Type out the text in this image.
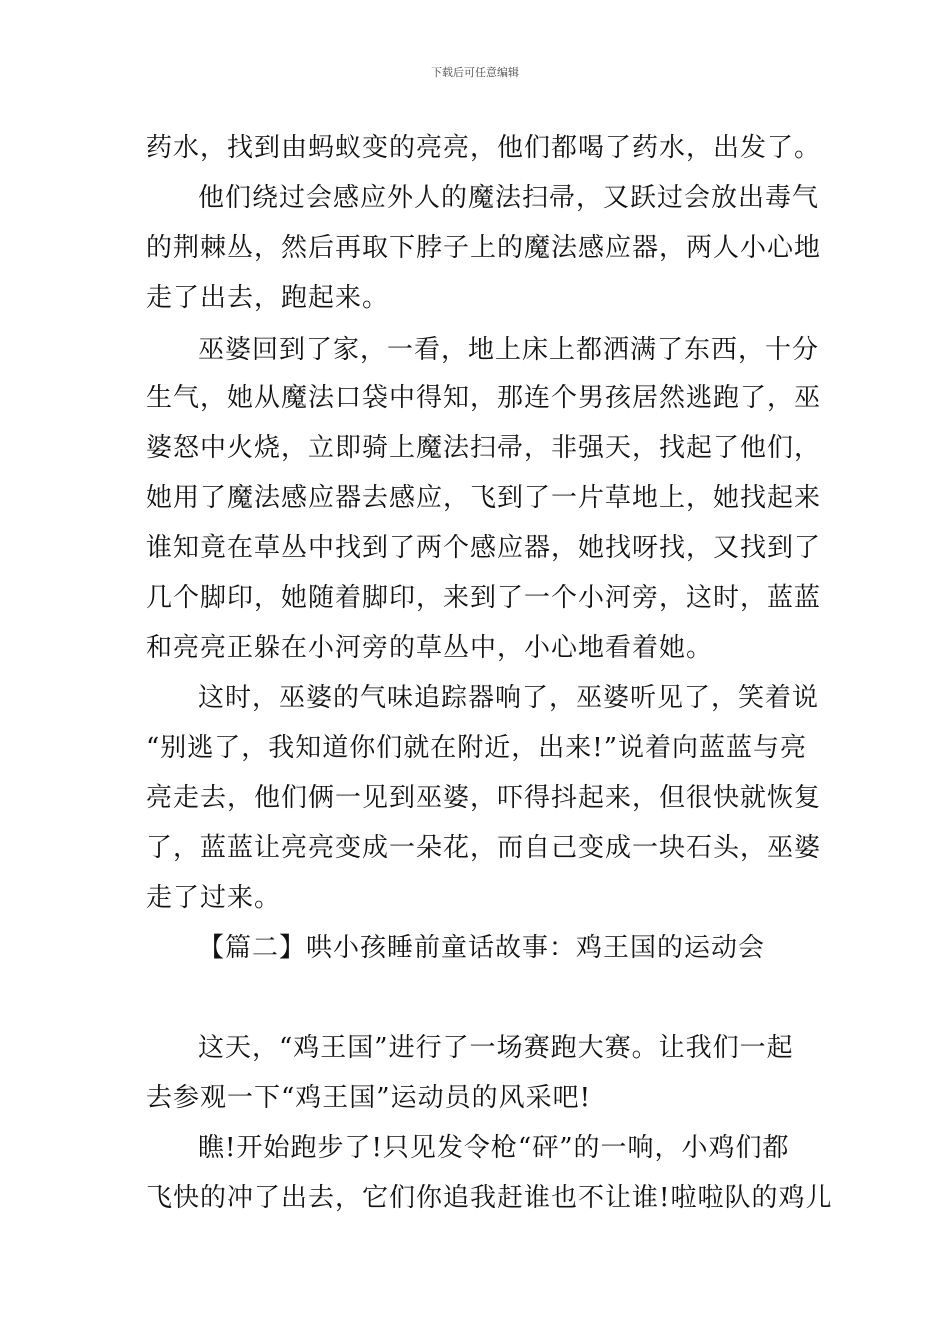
下载后可任意编辑
药水，找到由蚂蚁变的亮亮，他们都喝了药水，出发了。
他们绕过会感应外人的魔法扫帚，又跃过会放出毒气
的荆棘丛，然后再取下脖子上的魔法感应器，两人小心地
走了出去，跑起来。
巫婆回到了家，一看，地上床上都洒满了东西，十分
生气，她从魔法口袋中得知，那连个男孩居然逃跑了，巫
婆怒中火烧，立即骑上魔法扫帚，非强天，找起了他们，
她用了魔法感应器去感应，飞到了一片草地上，她找起来
谁知竟在草丛中找到了两个感应器，她找呀找，又找到了
几个脚印，她随着脚印，来到了一个小河旁，这时，蓝蓝
和亮亮正躲在小河旁的草丛中，小心地看着她。
这时，巫婆的气味追踪器响了，巫婆听见了，笑着说
“别逃了，我知道你们就在附近，出来!”说着向蓝蓝与亮
亮走去，他们俩一见到巫婆，吓得抖起来，但很快就恢复
了，蓝蓝让亮亮变成一朵花，而自己变成一块石头，巫婆
走了过来。
【篇二】哄小孩睡前童话故事：鸡王国的运动会
这天，“鸡王国”进行了一场赛跑大赛。让我们一起
去参观一下“鸡王国”运动员的风采吧!
瞧!开始跑步了!只见发令枪“砰”的一响，小鸡们都
飞快的冲了出去，它们你追我赶谁也不让谁!啦啦队的鸡儿
